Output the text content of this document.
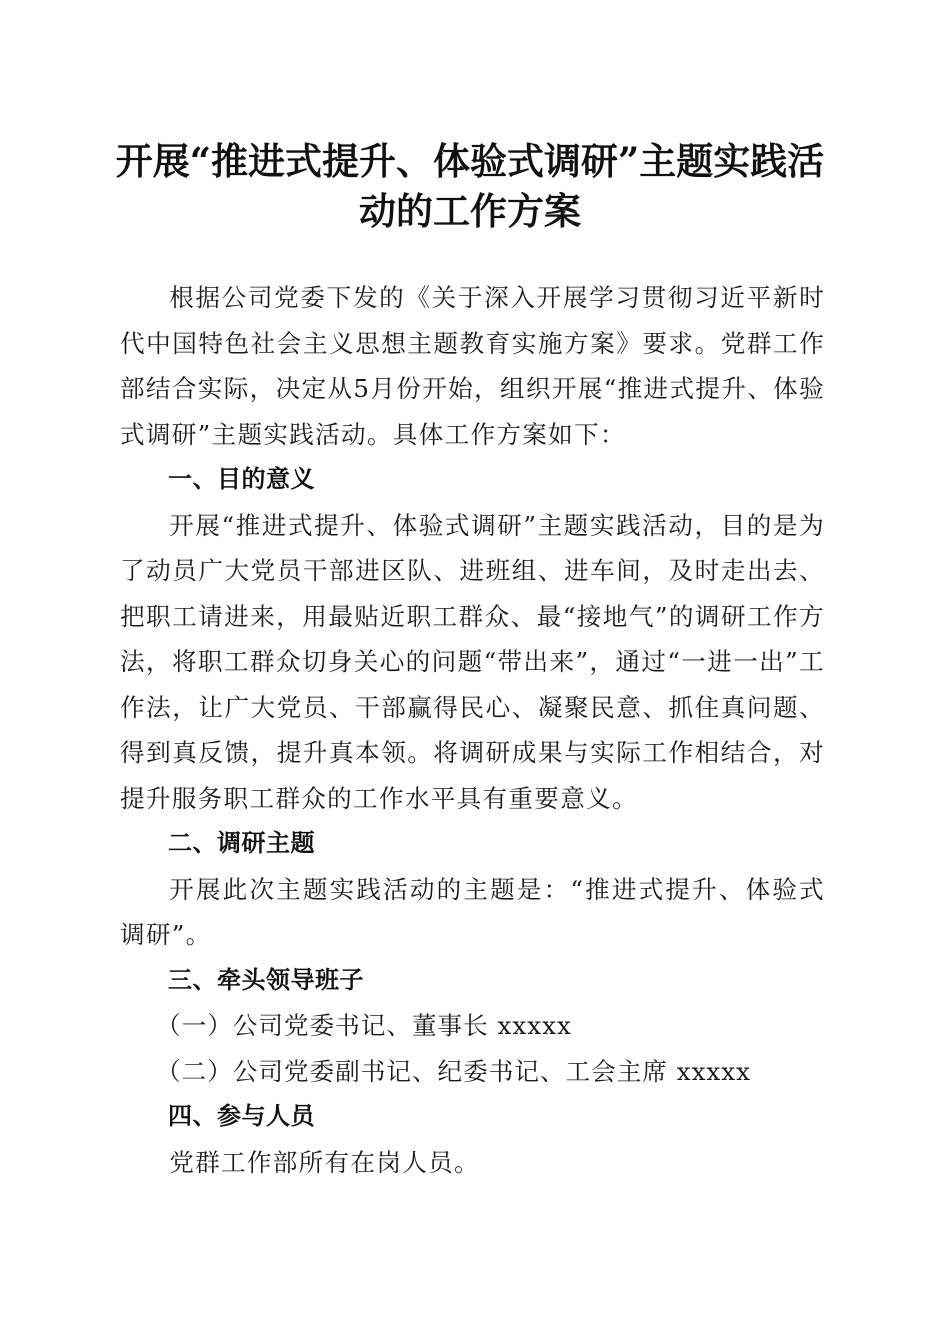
开展“推进式提升、体验式调研”主题实践活动的工作方案

根据公司党委下发的《关于深入开展学习贯彻习近平新时代中国特色社会主义思想主题教育实施方案》要求。党群工作部结合实际，决定从5月份开始，组织开展“推进式提升、体验式调研”主题实践活动。具体工作方案如下：

一、目的意义

开展“推进式提升、体验式调研”主题实践活动，目的是为了动员广大党员干部进区队、进班组、进车间，及时走出去、把职工请进来，用最贴近职工群众、最“接地气”的调研工作方法，将职工群众切身关心的问题“带出来”，通过“一进一出”工作法，让广大党员、干部赢得民心、凝聚民意、抓住真问题、得到真反馈，提升真本领。将调研成果与实际工作相结合，对提升服务职工群众的工作水平具有重要意义。

二、调研主题

开展此次主题实践活动的主题是：“推进式提升、体验式调研”。

三、牵头领导班子

（一）公司党委书记、董事长 xxxxx

（二）公司党委副书记、纪委书记、工会主席 xxxxx

四、参与人员

党群工作部所有在岗人员。
